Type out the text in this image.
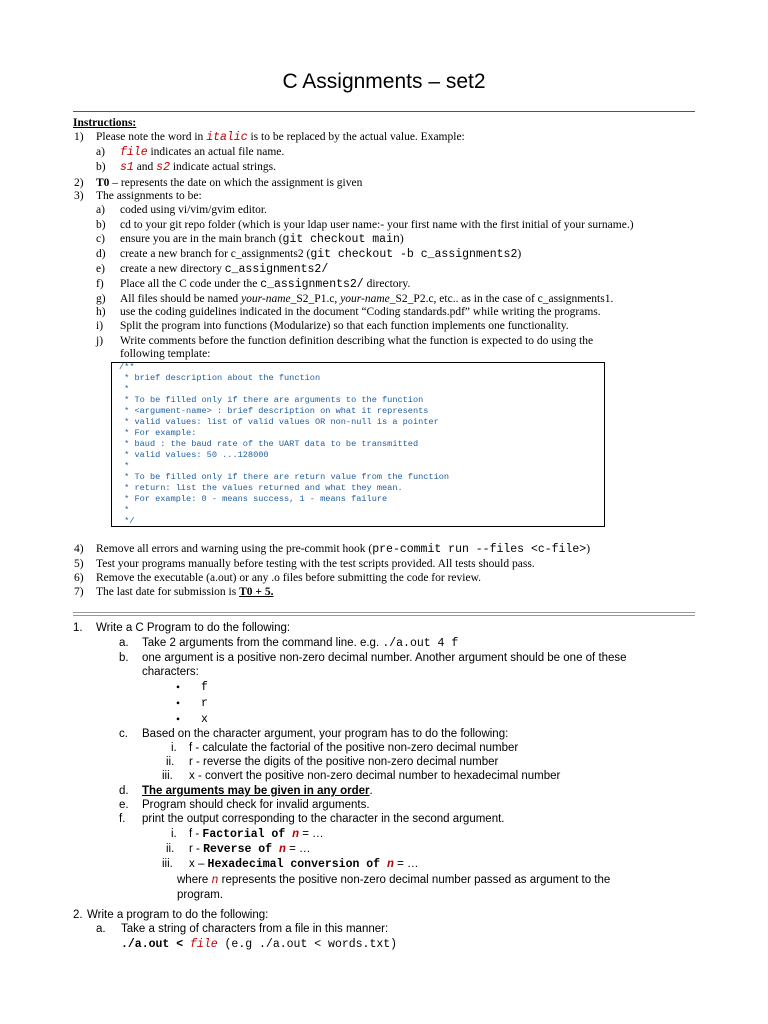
C Assignments – set2
Instructions:
1) Please note the word in italic is to be replaced by the actual value. Example:
a) file indicates an actual file name.
b) s1 and s2 indicate actual strings.
2) T0 – represents the date on which the assignment is given
3) The assignments to be:
a) coded using vi/vim/gvim editor.
b) cd to your git repo folder (which is your ldap user name:- your first name with the first initial of your surname.)
c) ensure you are in the main branch (git checkout main)
d) create a new branch for c_assignments2 (git checkout -b c_assignments2)
e) create a new directory c_assignments2/
f) Place all the C code under the c_assignments2/ directory.
g) All files should be named your-name_S2_P1.c, your-name_S2_P2.c, etc.. as in the case of c_assignments1.
h) use the coding guidelines indicated in the document “Coding standards.pdf” while writing the programs.
i) Split the program into functions (Modularize) so that each function implements one functionality.
j) Write comments before the function definition describing what the function is expected to do using the
following template:
/**
* brief description about the function
*
* To be filled only if there are arguments to the function
* <argument-name> : brief description on what it represents
* valid values: list of valid values OR non-null is a pointer
* For example:
* baud : the baud rate of the UART data to be transmitted
* valid values: 50 ...128000
*
* To be filled only if there are return value from the function
* return: list the values returned and what they mean.
* For example: 0 - means success, 1 - means failure
*
*/
4) Remove all errors and warning using the pre-commit hook (pre-commit run --files <c-file>)
5) Test your programs manually before testing with the test scripts provided. All tests should pass.
6) Remove the executable (a.out) or any .o files before submitting the code for review.
7) The last date for submission is T0 + 5.
1. Write a C Program to do the following:
a. Take 2 arguments from the command line. e.g. ./a.out 4 f
b. one argument is a positive non-zero decimal number. Another argument should be one of these
characters:
• f
• r
• x
c. Based on the character argument, your program has to do the following:
i. f - calculate the factorial of the positive non-zero decimal number
ii. r - reverse the digits of the positive non-zero decimal number
iii. x - convert the positive non-zero decimal number to hexadecimal number
d. The arguments may be given in any order.
e. Program should check for invalid arguments.
f. print the output corresponding to the character in the second argument.
i. f - Factorial of n = …
ii. r - Reverse of n = …
iii. x – Hexadecimal conversion of n = …
where n represents the positive non-zero decimal number passed as argument to the
program.
2. Write a program to do the following:
a. Take a string of characters from a file in this manner:
./a.out < file (e.g ./a.out < words.txt)
